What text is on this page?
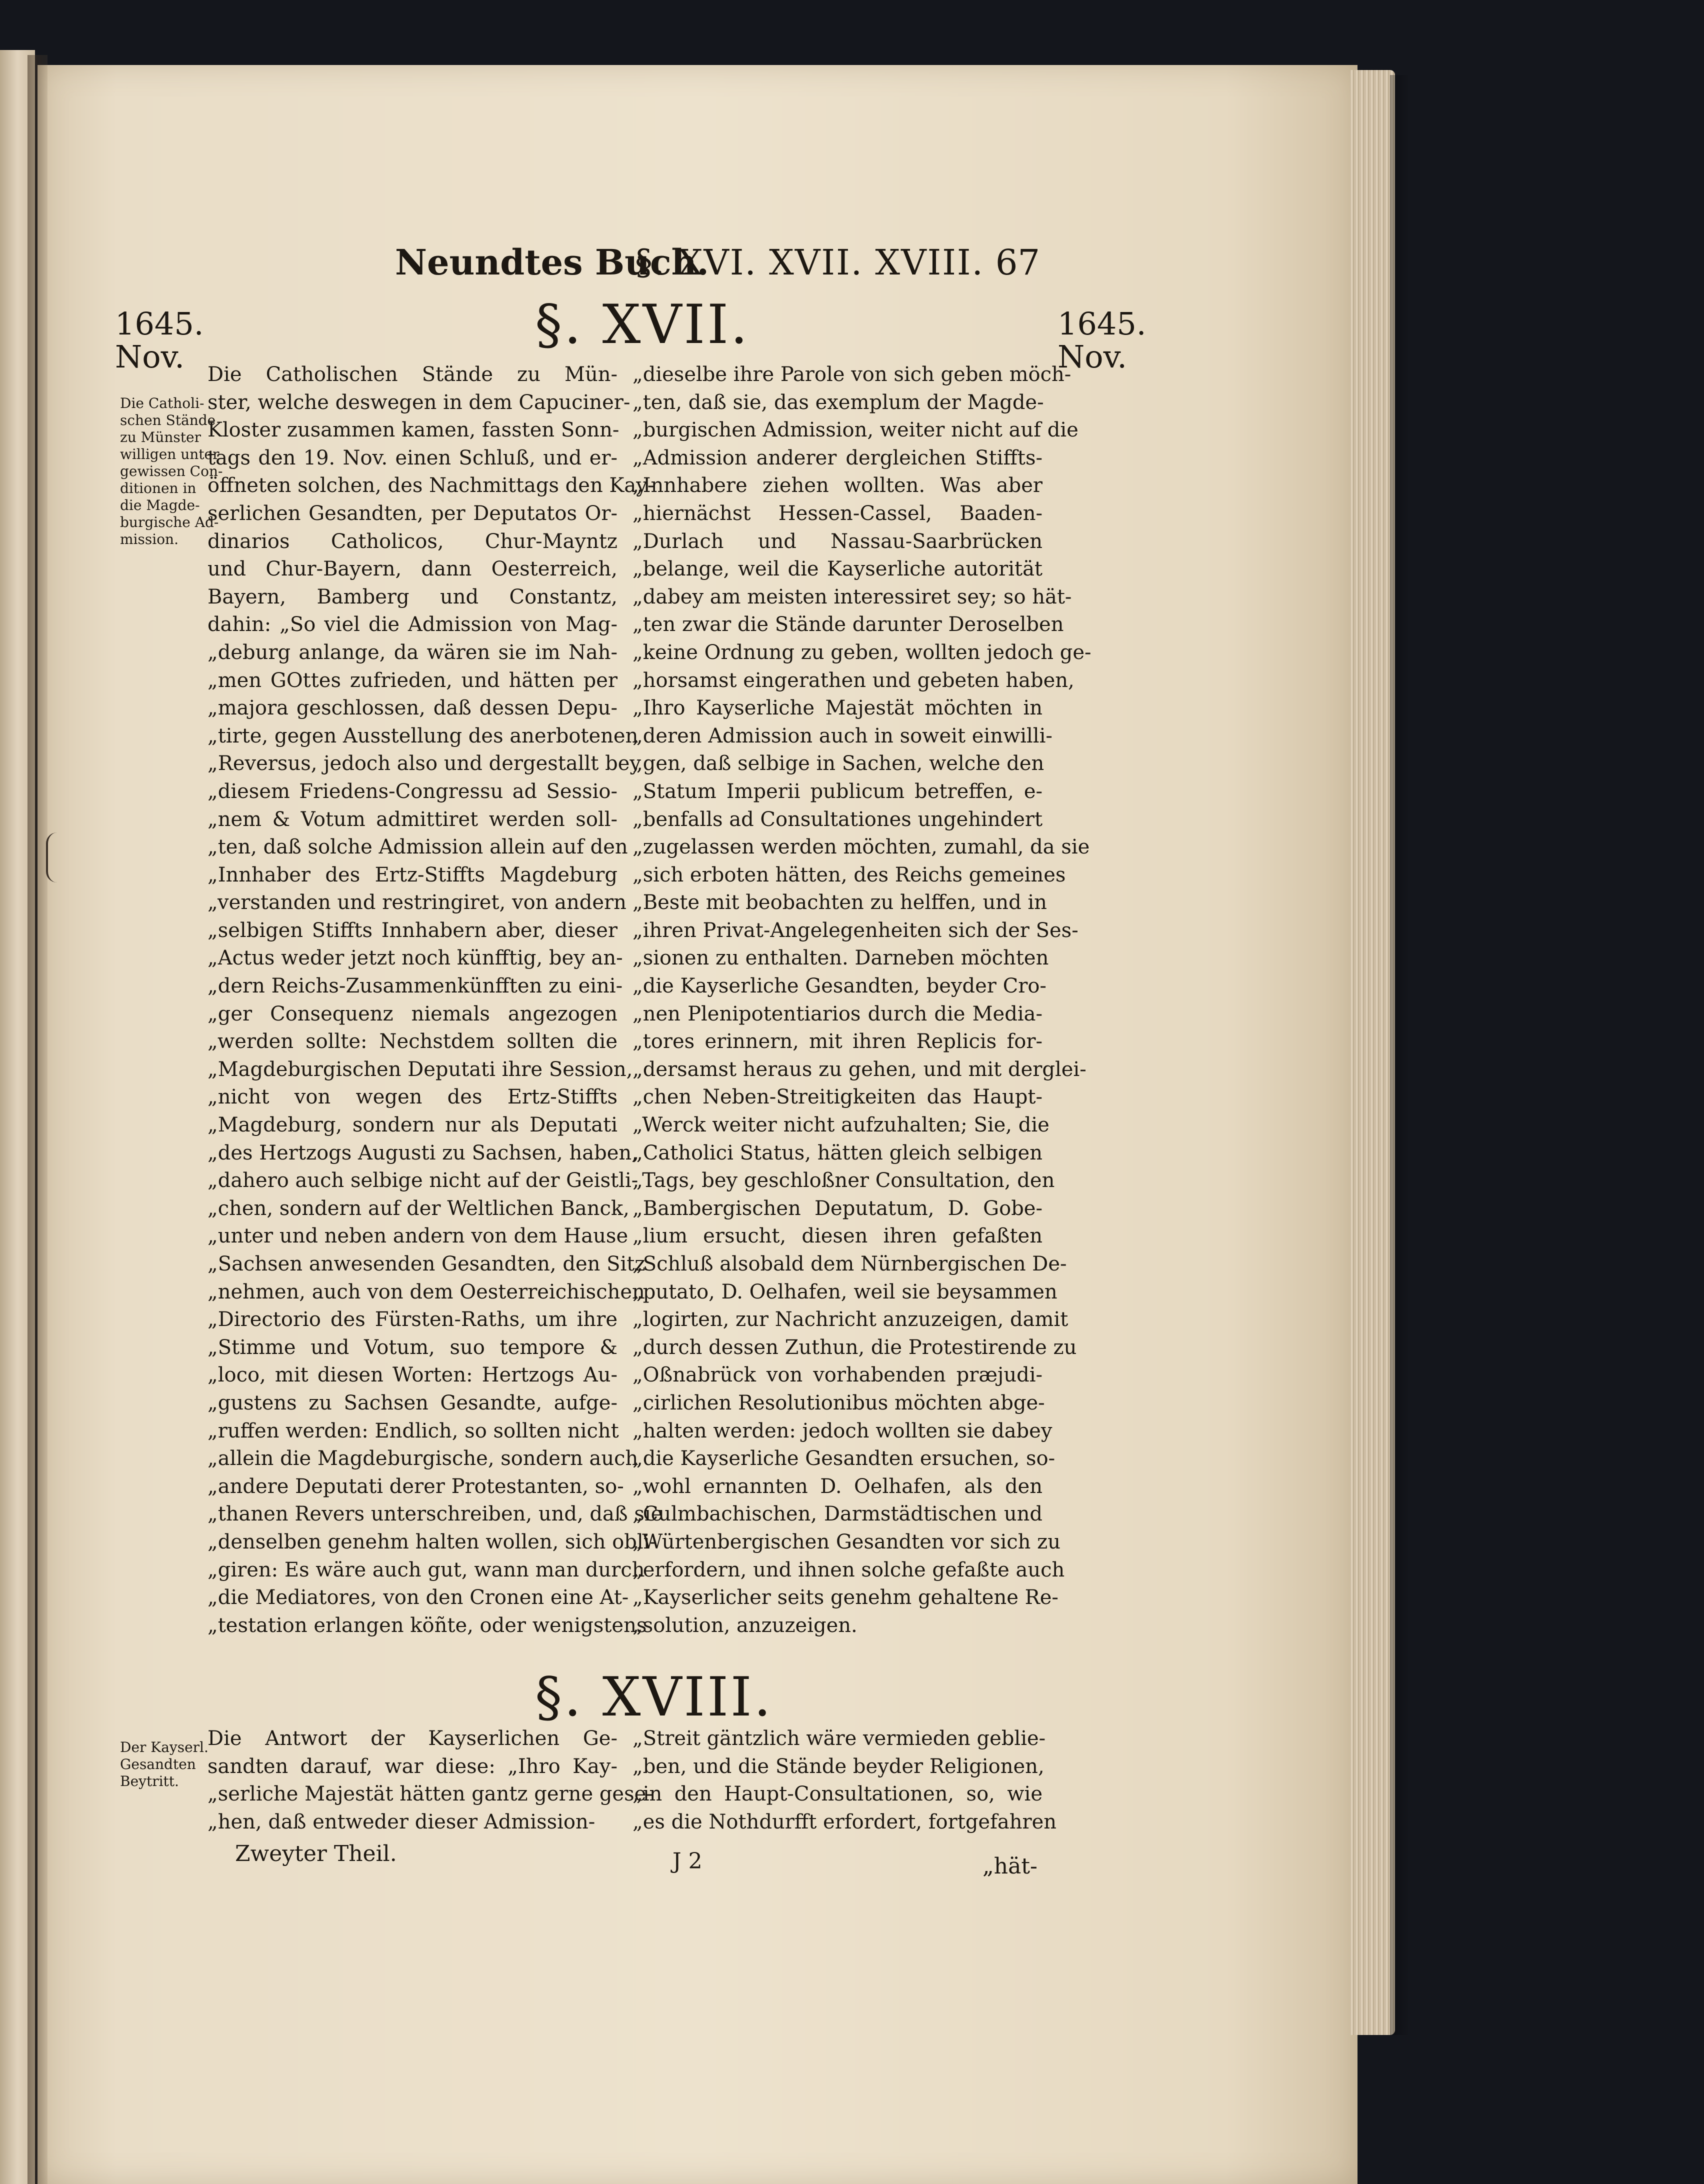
Neundtes Buch.
§. XVI. XVII. XVIII. 67
1645.
Nov.
1645.
Nov.
§. XVII.
Die Catholi-
schen Stände
zu Münster
willigen unter
gewissen Con-
ditionen in
die Magde-
burgische Ad-
mission.
Die Catholischen Stände zu Mün-
ster, welche deswegen in dem Capuciner-
Kloster zusammen kamen, fassten Sonn-
tags den 19. Nov. einen Schluß, und er-
öffneten solchen, des Nachmittags den Kay-
serlichen Gesandten, per Deputatos Or-
dinarios Catholicos, Chur-Mayntz
und Chur-Bayern, dann Oesterreich,
Bayern, Bamberg und Constantz,
dahin: „So viel die Admission von Mag-
„deburg anlange, da wären sie im Nah-
„men GOttes zufrieden, und hätten per
„majora geschlossen, daß dessen Depu-
„tirte, gegen Ausstellung des anerbotenen
„Reversus, jedoch also und dergestallt bey
„diesem Friedens-Congressu ad Sessio-
„nem & Votum admittiret werden soll-
„ten, daß solche Admission allein auf den
„Innhaber des Ertz-Stiffts Magdeburg
„verstanden und restringiret, von andern
„selbigen Stiffts Innhabern aber, dieser
„Actus weder jetzt noch künfftig, bey an-
„dern Reichs-Zusammenkünfften zu eini-
„ger Consequenz niemals angezogen
„werden sollte: Nechstdem sollten die
„Magdeburgischen Deputati ihre Session,
„nicht von wegen des Ertz-Stiffts
„Magdeburg, sondern nur als Deputati
„des Hertzogs Augusti zu Sachsen, haben,
„dahero auch selbige nicht auf der Geistli-
„chen, sondern auf der Weltlichen Banck,
„unter und neben andern von dem Hause
„Sachsen anwesenden Gesandten, den Sitz
„nehmen, auch von dem Oesterreichischen
„Directorio des Fürsten-Raths, um ihre
„Stimme und Votum, suo tempore &
„loco, mit diesen Worten: Hertzogs Au-
„gustens zu Sachsen Gesandte, aufge-
„ruffen werden: Endlich, so sollten nicht
„allein die Magdeburgische, sondern auch
„andere Deputati derer Protestanten, so-
„thanen Revers unterschreiben, und, daß sie
„denselben genehm halten wollen, sich obli-
„giren: Es wäre auch gut, wann man durch
„die Mediatores, von den Cronen eine At-
„testation erlangen köñte, oder wenigstens
„dieselbe ihre Parole von sich geben möch-
„ten, daß sie, das exemplum der Magde-
„burgischen Admission, weiter nicht auf die
„Admission anderer dergleichen Stiffts-
„Innhabere ziehen wollten. Was aber
„hiernächst Hessen-Cassel, Baaden-
„Durlach und Nassau-Saarbrücken
„belange, weil die Kayserliche autorität
„dabey am meisten interessiret sey; so hät-
„ten zwar die Stände darunter Deroselben
„keine Ordnung zu geben, wollten jedoch ge-
„horsamst eingerathen und gebeten haben,
„Ihro Kayserliche Majestät möchten in
„deren Admission auch in soweit einwilli-
„gen, daß selbige in Sachen, welche den
„Statum Imperii publicum betreffen, e-
„benfalls ad Consultationes ungehindert
„zugelassen werden möchten, zumahl, da sie
„sich erboten hätten, des Reichs gemeines
„Beste mit beobachten zu helffen, und in
„ihren Privat-Angelegenheiten sich der Ses-
„sionen zu enthalten. Darneben möchten
„die Kayserliche Gesandten, beyder Cro-
„nen Plenipotentiarios durch die Media-
„tores erinnern, mit ihren Replicis for-
„dersamst heraus zu gehen, und mit derglei-
„chen Neben-Streitigkeiten das Haupt-
„Werck weiter nicht aufzuhalten; Sie, die
„Catholici Status, hätten gleich selbigen
„Tags, bey geschloßner Consultation, den
„Bambergischen Deputatum, D. Gobe-
„lium ersucht, diesen ihren gefaßten
„Schluß alsobald dem Nürnbergischen De-
„putato, D. Oelhafen, weil sie beysammen
„logirten, zur Nachricht anzuzeigen, damit
„durch dessen Zuthun, die Protestirende zu
„Oßnabrück von vorhabenden præjudi-
„cirlichen Resolutionibus möchten abge-
„halten werden: jedoch wollten sie dabey
„die Kayserliche Gesandten ersuchen, so-
„wohl ernannten D. Oelhafen, als den
„Culmbachischen, Darmstädtischen und
„Würtenbergischen Gesandten vor sich zu
„erfordern, und ihnen solche gefaßte auch
„Kayserlicher seits genehm gehaltene Re-
„solution, anzuzeigen.
§. XVIII.
Der Kayserl.
Gesandten
Beytritt.
Die Antwort der Kayserlichen Ge-
sandten darauf, war diese: „Ihro Kay-
„serliche Majestät hätten gantz gerne gese-
„hen, daß entweder dieser Admission-
„Streit gäntzlich wäre vermieden geblie-
„ben, und die Stände beyder Religionen,
„in den Haupt-Consultationen, so, wie
„es die Nothdurfft erfordert, fortgefahren
Zweyter Theil.	J 2	„hät-
